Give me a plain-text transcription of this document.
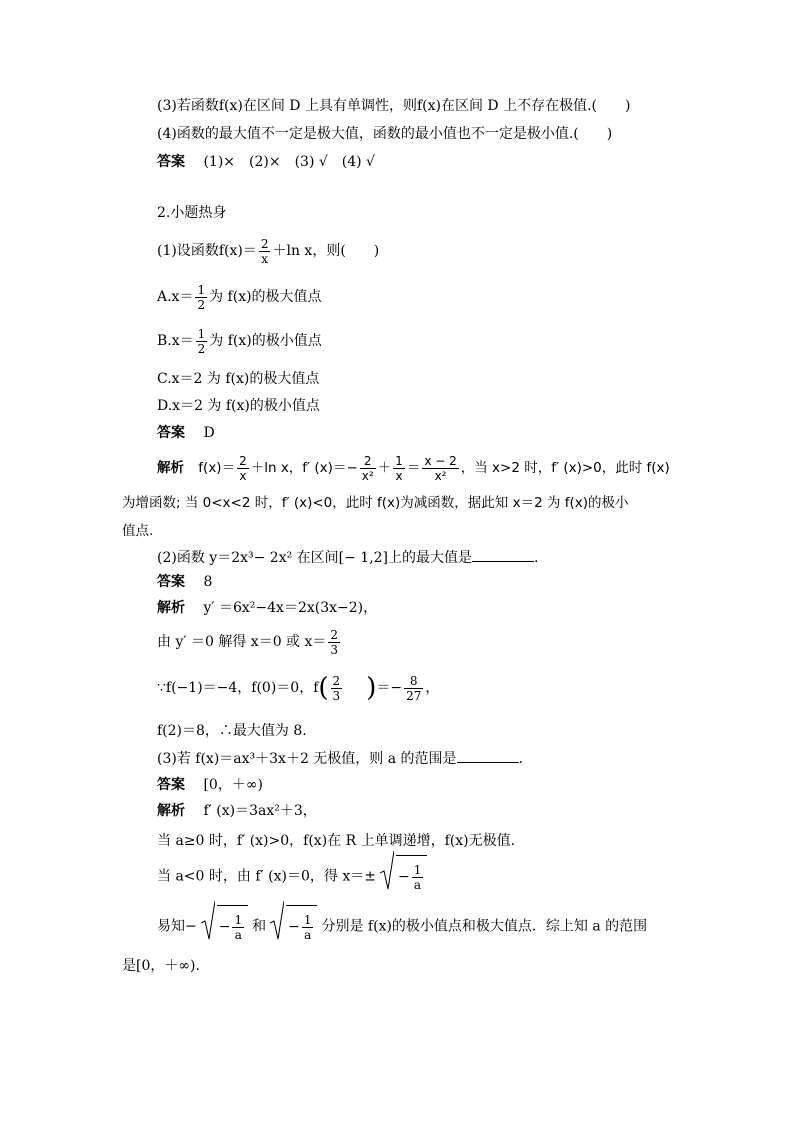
(3)若函数f(x)在区间 D 上具有单调性，则f(x)在区间 D 上不存在极值.(　　)
(4)函数的最大值不一定是极大值，函数的最小值也不一定是极小值.(　　)
答案 (1)×　(2)×　(3) √　(4) √
2.小题热身
(1)设函数$f(x)= \frac{2}{x} +\ln$ x，则(　　)
$A.x= \frac{1}{2}$ 为 f(x)的极大值点
$B.x= \frac{1}{2}$ 为 f(x)的极小值点
C.x＝2 为 f(x)的极大值点
D.x＝2 为 f(x)的极小值点
答案 D
解析 $f(x)= \frac{2}{x} +\ln$ x，f′ $(x)=- \frac{2}{\text{x²}} + \frac{1}{x} = \frac{x - 2}{\text{x²}}$ ，当 x>2 时，f′ (x)>0，此时 f(x)
为增函数; 当 0<x<2 时，f′ (x)<0，此时 f(x)为减函数，据此知 x＝2 为 f(x)的极小
值点.
(2)函数 y＝2x³− 2x² 在区间[− 1,2]上的最大值是	.
答案 8
解析 y′ ＝6x²−4x＝2x(3x−2)，
由 y′ ＝0 解得 x＝0 或 $x= \frac{2}{3}$
∵f(−1)＝−4，f(0)＝0，$f( \frac{2}{3}$ )＝− $\frac{8}{27}$ ，
f(2)＝8，∴最大值为 8.
(3)若 f(x)＝ax³＋3x＋2 无极值，则 a 的范围是	.
答案 [0，＋∞)
解析 f′ (x)＝3ax²＋3，
当 a≥0 时，f′ (x)>0，f(x)在 R 上单调递增，f(x)无极值.
当 a<0 时，由 f′ (x)＝0，得 $x=\pm - \frac{1}{a}$
易知− − $\frac{1}{a}$ 和 − $\frac{1}{a}$ 分别是 f(x)的极小值点和极大值点．综上知 a 的范围
是[0，＋∞).
